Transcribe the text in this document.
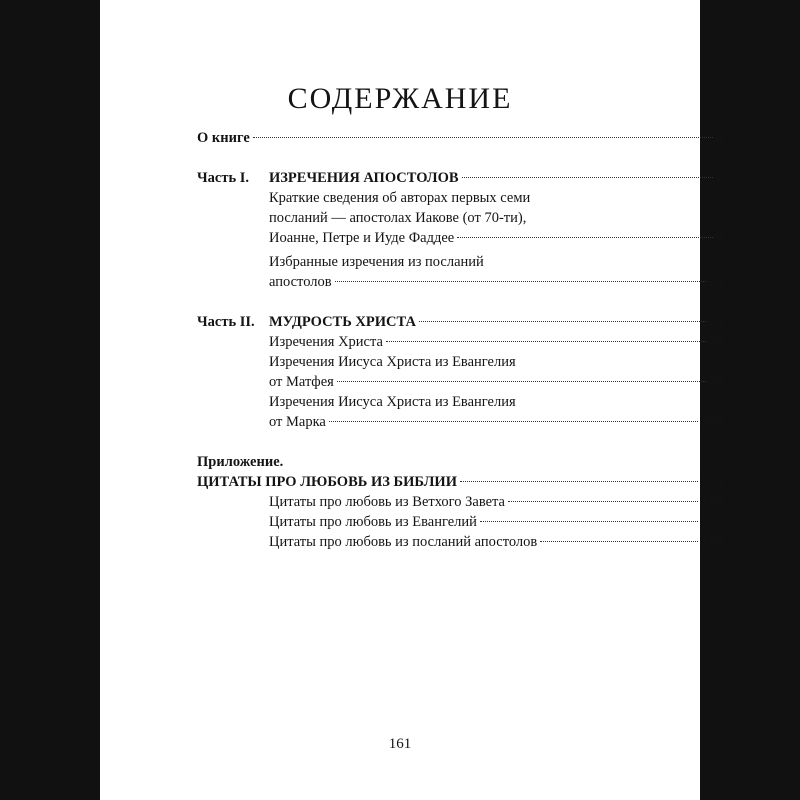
СОДЕРЖАНИЕ
О книге	3
Часть I.	ИЗРЕЧЕНИЯ АПОСТОЛОВ	7
Краткие сведения об авторах первых семи
посланий — апостолах Иакове (от 70-ти),
Иоанне, Петре и Иуде Фаддее	9
Избранные изречения из посланий
апостолов	20
Часть II. МУДРОСТЬ ХРИСТА	35
Изречения Христа	36
Изречения Иисуса Христа из Евангелия
от Матфея	38
Изречения Иисуса Христа из Евангелия
от Марка	108
Приложение.
ЦИТАТЫ ПРО ЛЮБОВЬ ИЗ БИБЛИИ	155
Цитаты про любовь из Ветхого Завета	156
Цитаты про любовь из Евангелий	157
Цитаты про любовь из посланий апостолов	158
161
